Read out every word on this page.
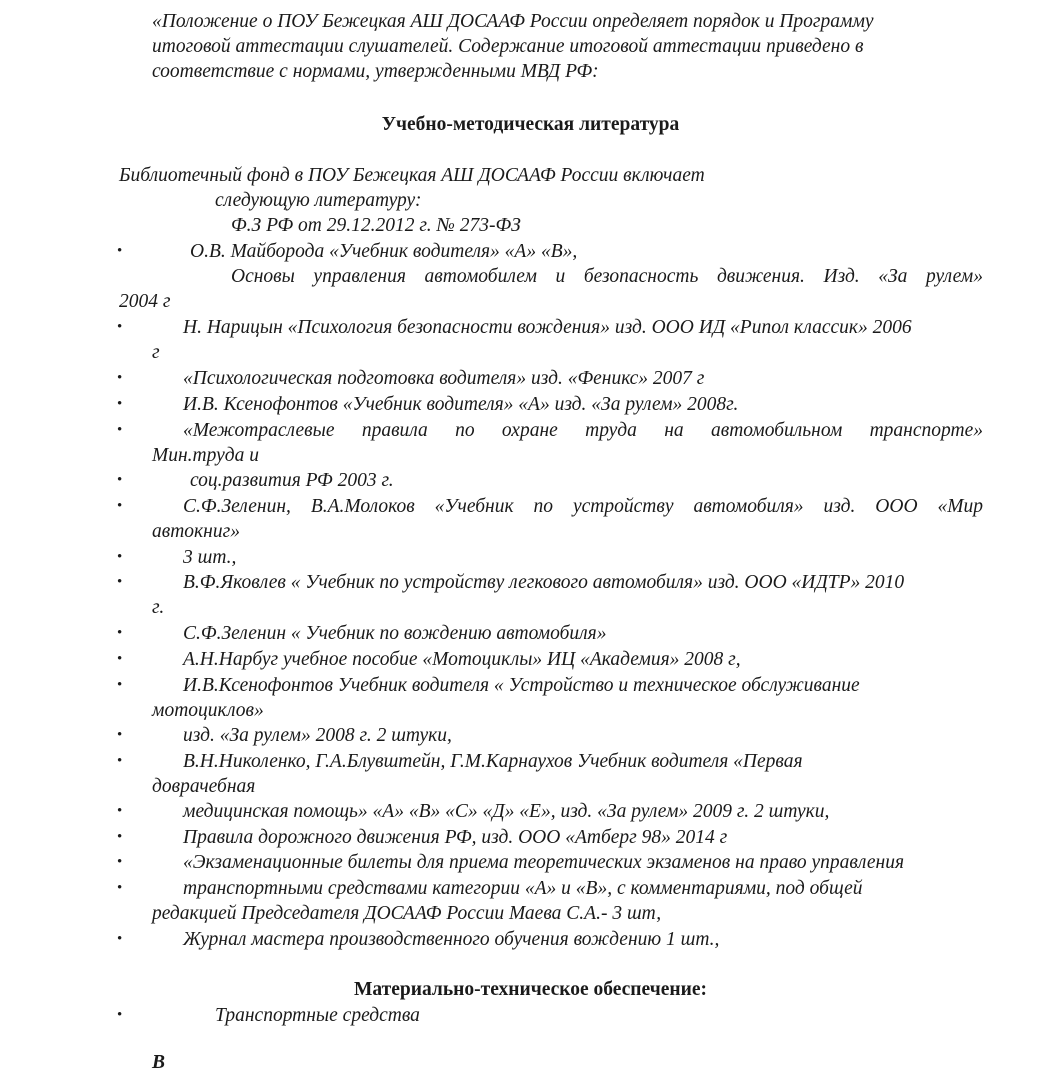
«Положение о ПОУ Бежецкая АШ ДОСААФ России определяет порядок и Программу
итоговой аттестации слушателей. Содержание итоговой аттестации приведено в
соответствие с нормами, утвержденными МВД РФ:
Учебно-методическая литература
Библиотечный фонд в ПОУ Бежецкая АШ ДОСААФ России включает
следующую литературу:
Ф.З РФ от 29.12.2012 г. № 273-ФЗ
•	О.В. Майборода «Учебник водителя» «А» «В»,
Основы управления автомобилем и безопасность движения. Изд. «За рулем»
2004 г
•	Н. Нарицын «Психология безопасности вождения» изд. ООО ИД «Рипол классик» 2006
г
•	«Психологическая подготовка водителя» изд. «Феникс» 2007 г
•	И.В. Ксенофонтов «Учебник водителя» «А» изд. «За рулем» 2008г.
•	«Межотраслевые правила по охране труда на автомобильном транспорте»
Мин.труда и
•	соц.развития РФ 2003 г.
•	С.Ф.Зеленин, В.А.Молоков «Учебник по устройству автомобиля» изд. ООО «Мир
автокниг»
•	3 шт.,
•	В.Ф.Яковлев « Учебник по устройству легкового автомобиля» изд. ООО «ИДТР» 2010
г.
•	С.Ф.Зеленин « Учебник по вождению автомобиля»
•	А.Н.Нарбуг учебное пособие «Мотоциклы» ИЦ «Академия» 2008 г,
•	И.В.Ксенофонтов Учебник водителя « Устройство и техническое обслуживание
мотоциклов»
•	изд. «За рулем» 2008 г. 2 штуки,
•	В.Н.Николенко, Г.А.Блувштейн, Г.М.Карнаухов Учебник водителя «Первая
доврачебная
•	медицинская помощь» «А» «В» «С» «Д» «Е», изд. «За рулем» 2009 г. 2 штуки,
•	Правила дорожного движения РФ, изд. ООО «Атберг 98» 2014 г
•	«Экзаменационные билеты для приема теоретических экзаменов на право управления
•	транспортными средствами категории «А» и «В», с комментариями, под общей
редакцией Председателя ДОСААФ России Маева С.А.- 3 шт,
•	Журнал мастера производственного обучения вождению 1 шт.,
Материально-техническое обеспечение:
•	Транспортные средства
В
